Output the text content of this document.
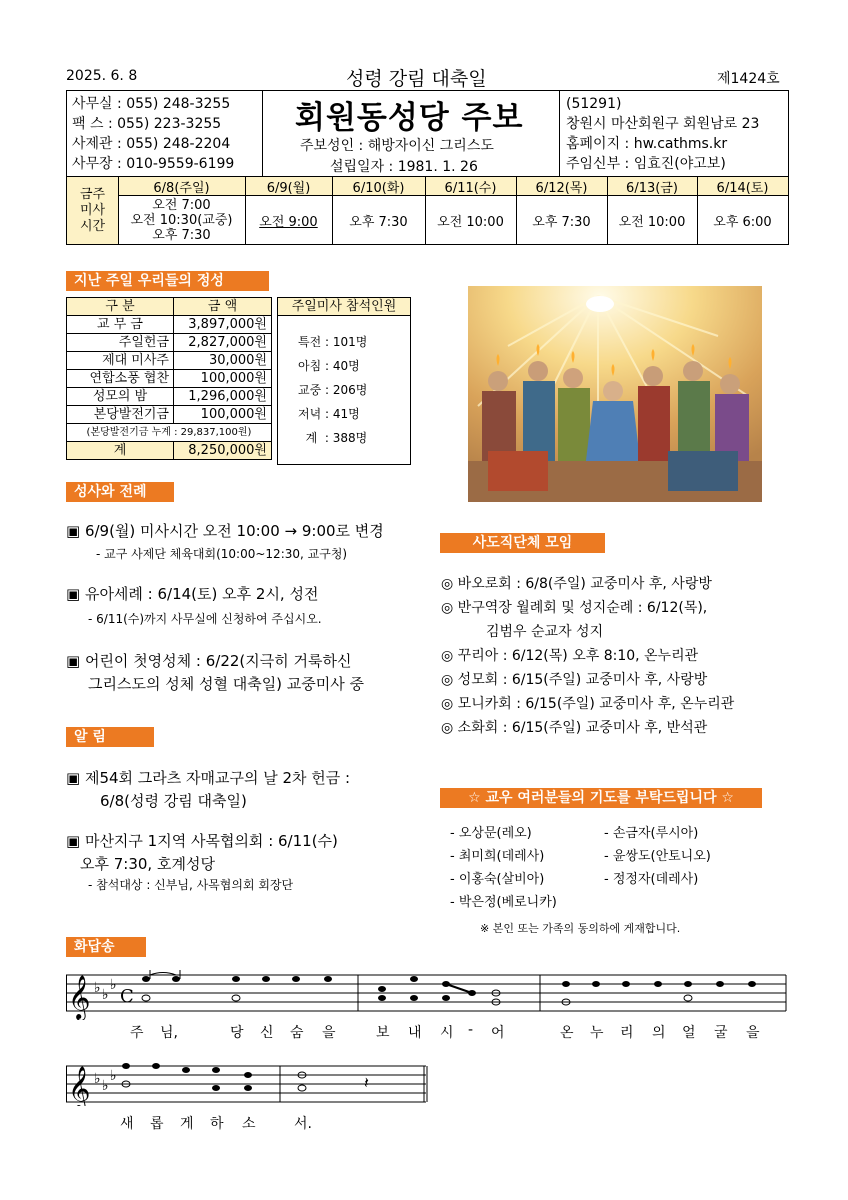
2025. 6. 8	성령 강림 대축일	제1424호
사무실 : 055) 248-3255
팩 스 : 055) 223-3255
사제관 : 055) 248-2204
사무장 : 010-9559-6199
회원동성당 주보
주보성인 : 해방자이신 그리스도
설립일자 : 1981. 1. 26
(51291)
창원시 마산회원구 회원남로 23
홈페이지 : hw.cathms.kr
주임신부 : 임효진(야고보)
금주
미사
시간
6/8(주일)	6/9(월)	6/10(화)	6/11(수)	6/12(목)	6/13(금)	6/14(토)
오전 7:00
오전 10:30(교중)
오후 7:30
오전 9:00	오후 7:30	오전 10:00	오후 7:30	오전 10:00	오후 6:00
지난 주일 우리들의 정성
구 분	금 액
교 무 금	3,897,000원
주일헌금	2,827,000원
제대 미사주	30,000원
연합소풍 협찬	100,000원
성모의 밤	1,296,000원
본당발전기금	100,000원
(본당발전기금 누계 : 29,837,100원)	
계	8,250,000원
주일미사 참석인원
특전 : 101명
아침 : 40명
교중 : 206명
저녁 : 41명
계  : 388명
성사와 전례
▣ 6/9(월) 미사시간 오전 10:00 → 9:00로 변경
- 교구 사제단 체육대회(10:00~12:30, 교구청)
▣ 유아세례 : 6/14(토) 오후 2시, 성전
- 6/11(수)까지 사무실에 신청하여 주십시오.
▣ 어린이 첫영성체 : 6/22(지극히 거룩하신
그리스도의 성체 성혈 대축일) 교중미사 중
알 림
▣ 제54회 그라츠 자매교구의 날 2차 헌금 :
6/8(성령 강림 대축일)
▣ 마산지구 1지역 사목협의회 : 6/11(수)
오후 7:30, 호계성당
- 참석대상 : 신부님, 사목협의회 회장단
사도직단체 모임
◎ 바오로회 : 6/8(주일) 교중미사 후, 사랑방
◎ 반구역장 월례회 및 성지순례 : 6/12(목),
김범우 순교자 성지
◎ 꾸리아 : 6/12(목) 오후 8:10, 온누리관
◎ 성모회 : 6/15(주일) 교중미사 후, 사랑방
◎ 모니카회 : 6/15(주일) 교중미사 후, 온누리관
◎ 소화회 : 6/15(주일) 교중미사 후, 반석관
☆ 교우 여러분들의 기도를 부탁드립니다 ☆
- 오상문(레오)
- 최미희(데레사)
- 이홍숙(살비아)
- 박은정(베로니카)
- 손금자(루시아)
- 윤쌍도(안토니오)
- 정정자(데레사)
※ 본인 또는 가족의 동의하에 게재합니다.
화답송
𝄞 ♭ ♭
♭
C
주 님,	당 신 숨 을	보 내 시 - 어	온 누 리 의 얼 굴 을
𝄞 ♭ ♭
♭	𝄽
새 롭 게 하 소	서.
